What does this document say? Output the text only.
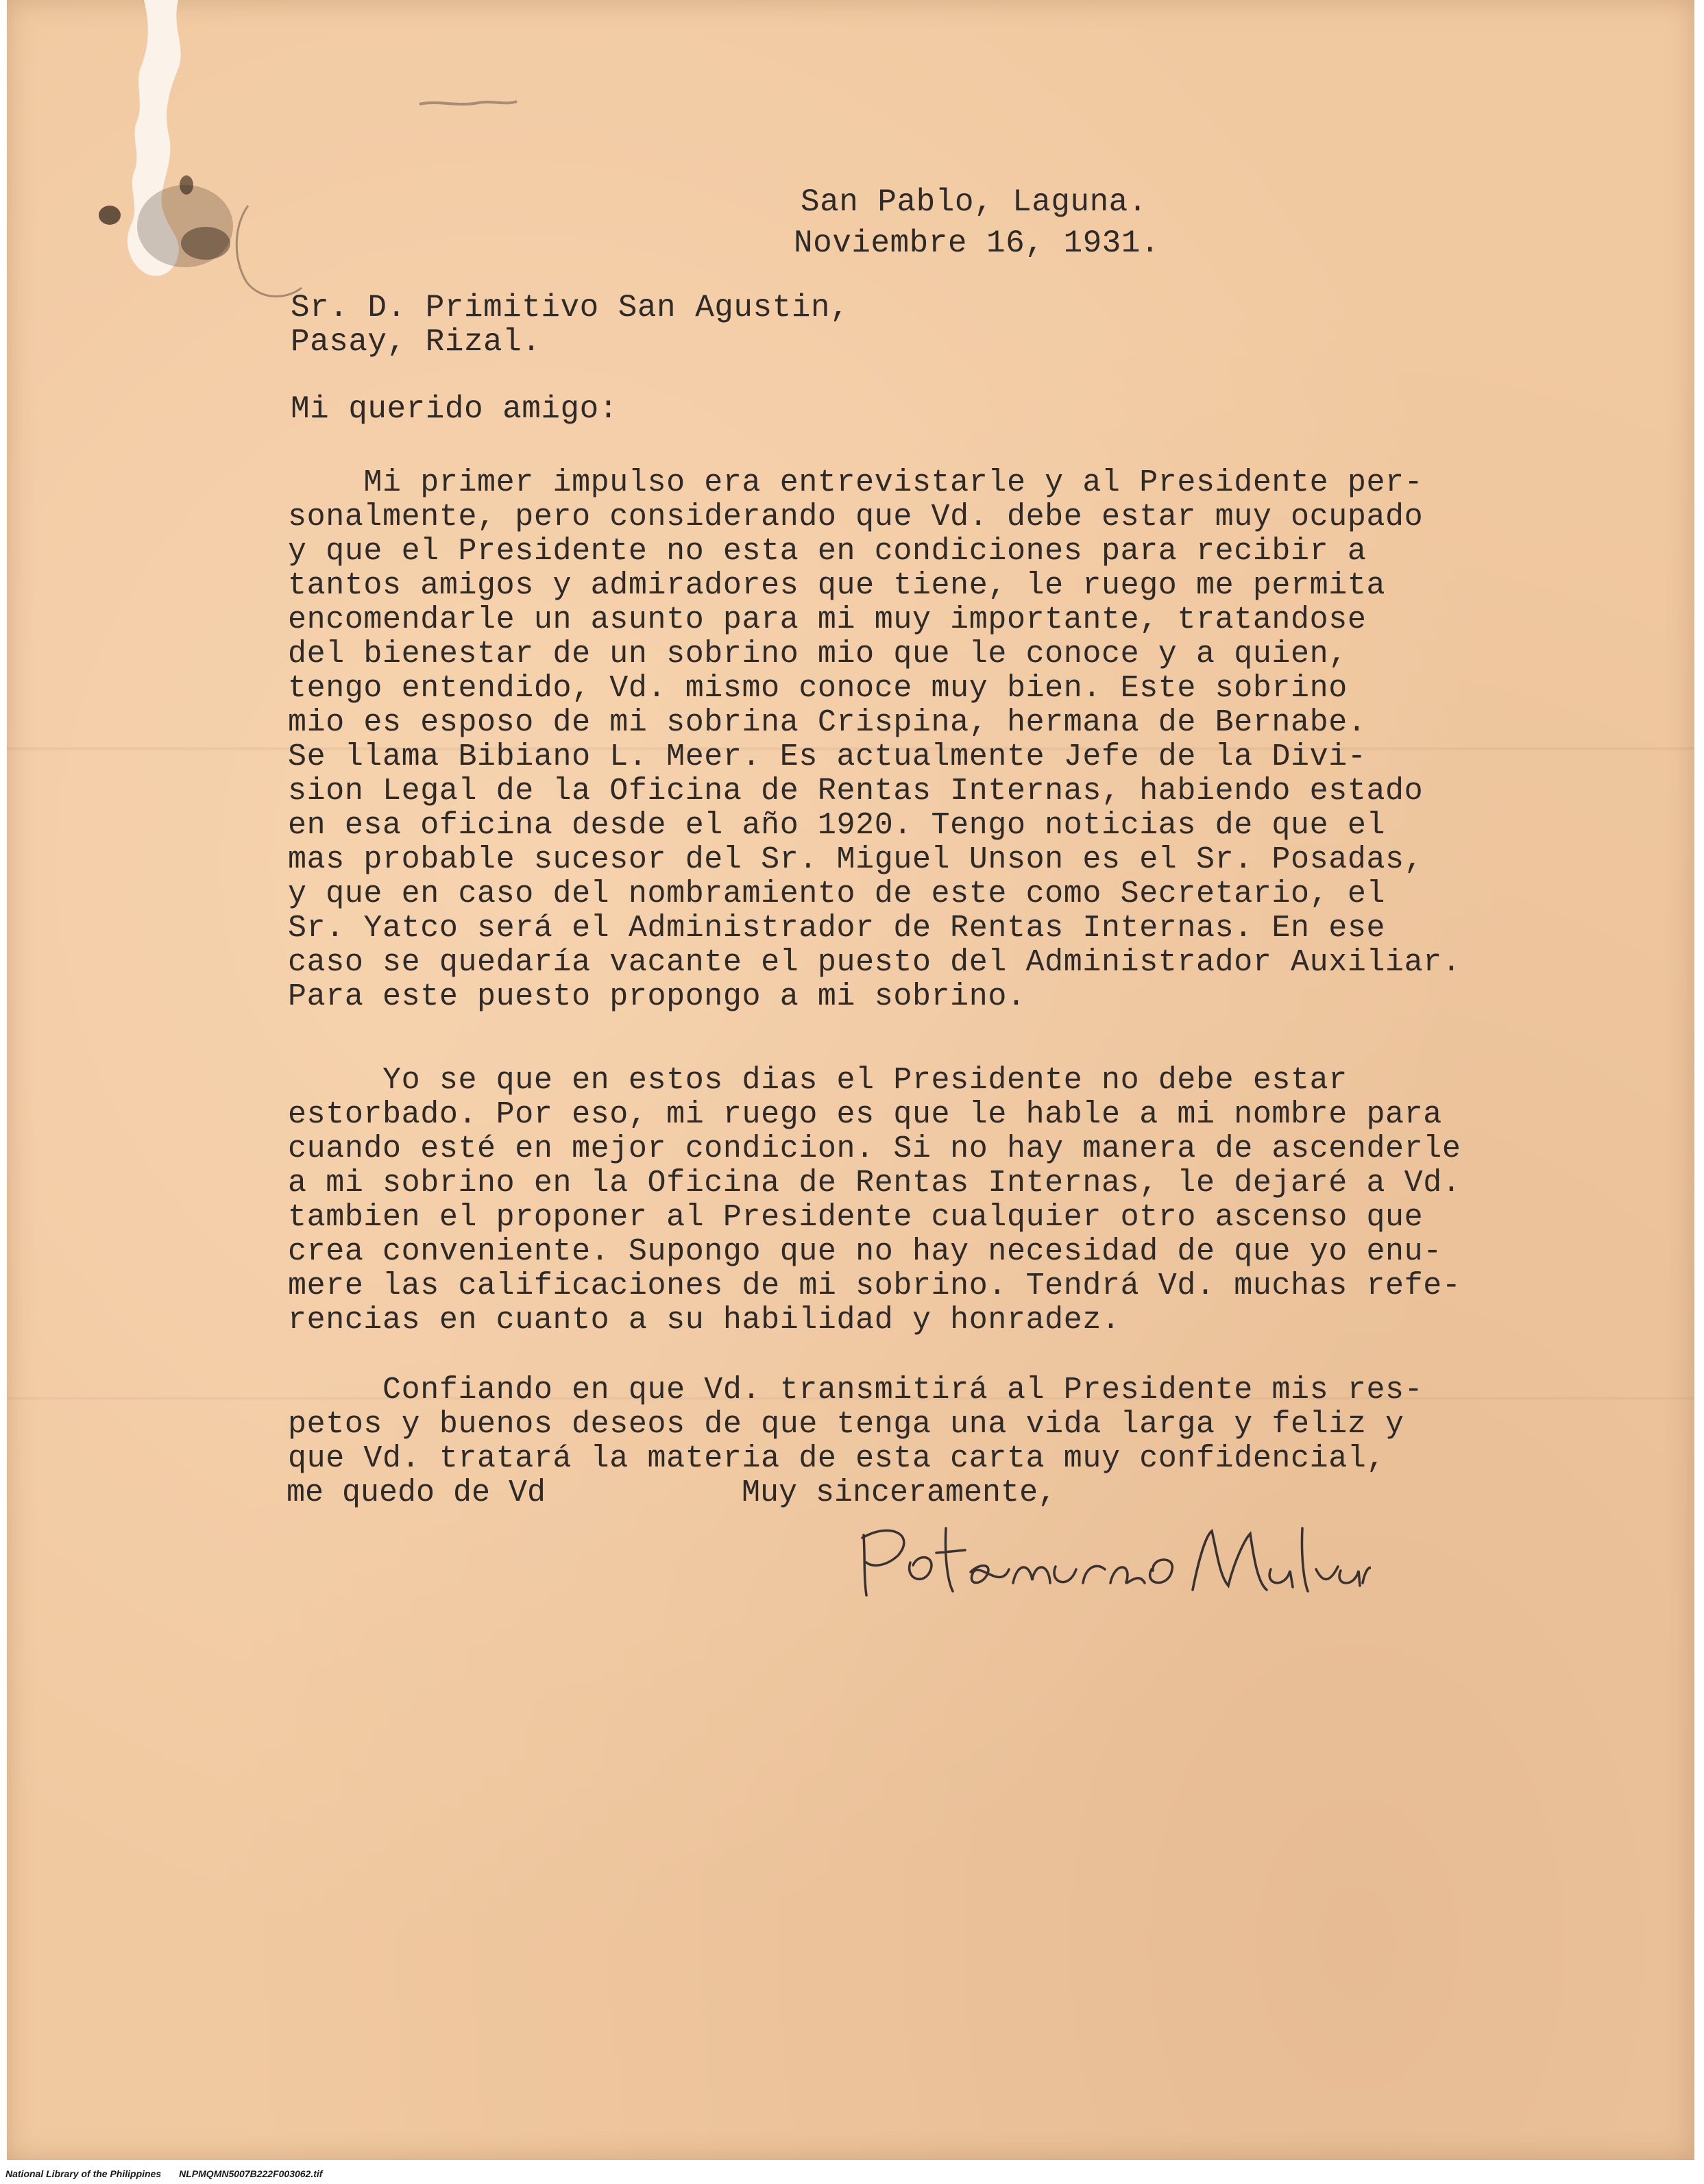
San Pablo, Laguna.
Noviembre 16, 1931.
Sr. D. Primitivo San Agustin,
Pasay, Rizal.
Mi querido amigo:
Mi primer impulso era entrevistarle y al Presidente per-
sonalmente, pero considerando que Vd. debe estar muy ocupado
y que el Presidente no esta en condiciones para recibir a
tantos amigos y admiradores que tiene, le ruego me permita
encomendarle un asunto para mi muy importante, tratandose
del bienestar de un sobrino mio que le conoce y a quien,
tengo entendido, Vd. mismo conoce muy bien. Este sobrino
mio es esposo de mi sobrina Crispina, hermana de Bernabe.
Se llama Bibiano L. Meer. Es actualmente Jefe de la Divi-
sion Legal de la Oficina de Rentas Internas, habiendo estado
en esa oficina desde el año 1920. Tengo noticias de que el
mas probable sucesor del Sr. Miguel Unson es el Sr. Posadas,
y que en caso del nombramiento de este como Secretario, el
Sr. Yatco será el Administrador de Rentas Internas. En ese
caso se quedaría vacante el puesto del Administrador Auxiliar.
Para este puesto propongo a mi sobrino.
Yo se que en estos dias el Presidente no debe estar
estorbado. Por eso, mi ruego es que le hable a mi nombre para
cuando esté en mejor condicion. Si no hay manera de ascenderle
a mi sobrino en la Oficina de Rentas Internas, le dejaré a Vd.
tambien el proponer al Presidente cualquier otro ascenso que
crea conveniente. Supongo que no hay necesidad de que yo enu-
mere las calificaciones de mi sobrino. Tendrá Vd. muchas refe-
rencias en cuanto a su habilidad y honradez.
Confiando en que Vd. transmitirá al Presidente mis res-
petos y buenos deseos de que tenga una vida larga y feliz y
que Vd. tratará la materia de esta carta muy confidencial,
me quedo de Vd	Muy sinceramente,
National Library of the Philippines NLPMQMN5007B222F003062.tif
